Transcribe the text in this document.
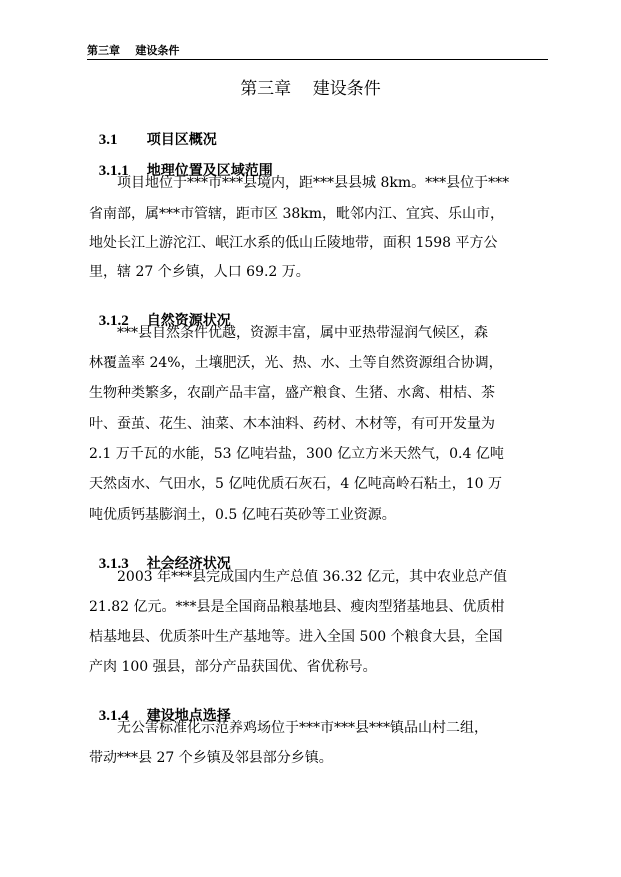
第三章    建设条件
第三章    建设条件

3.1 项目区概况

3.1.1 地理位置及区域范围

项目地位于***市***县境内，距***县县城 8km。***县位于***
省南部，属***市管辖，距市区 38km，毗邻内江、宜宾、乐山市，
地处长江上游沱江、岷江水系的低山丘陵地带，面积 1598 平方公
里，辖 27 个乡镇，人口 69.2 万。

3.1.2 自然资源状况

***县自然条件优越，资源丰富，属中亚热带湿润气候区，森
林覆盖率 24%，土壤肥沃，光、热、水、土等自然资源组合协调，
生物种类繁多，农副产品丰富，盛产粮食、生猪、水禽、柑桔、茶
叶、蚕茧、花生、油菜、木本油料、药材、木材等，有可开发量为
2.1 万千瓦的水能，53 亿吨岩盐，300 亿立方米天然气，0.4 亿吨
天然卤水、气田水，5 亿吨优质石灰石，4 亿吨高岭石粘土，10 万
吨优质钙基膨润土，0.5 亿吨石英砂等工业资源。

3.1.3 社会经济状况

2003 年***县完成国内生产总值 36.32 亿元，其中农业总产值
21.82 亿元。***县是全国商品粮基地县、瘦肉型猪基地县、优质柑
桔基地县、优质茶叶生产基地等。进入全国 500 个粮食大县，全国
产肉 100 强县，部分产品获国优、省优称号。

3.1.4 建设地点选择

无公害标准化示范养鸡场位于***市***县***镇品山村二组，
带动***县 27 个乡镇及邻县部分乡镇。
